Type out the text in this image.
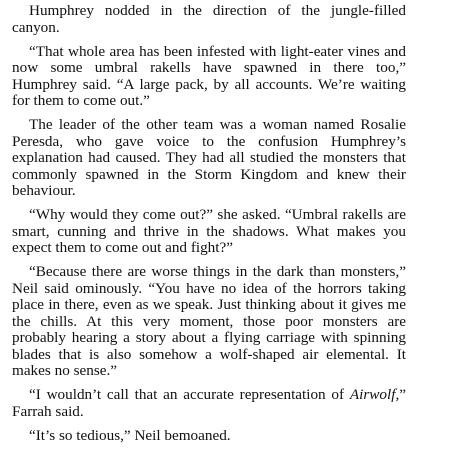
Humphrey nodded in the direction of the jungle-filled canyon.

“That whole area has been infested with light-eater vines and now some umbral rakells have spawned in there too,” Humphrey said. “A large pack, by all accounts. We’re waiting for them to come out.”

The leader of the other team was a woman named Rosalie Peresda, who gave voice to the confusion Humphrey’s explanation had caused. They had all studied the monsters that commonly spawned in the Storm Kingdom and knew their behaviour.

“Why would they come out?” she asked. “Umbral rakells are smart, cunning and thrive in the shadows. What makes you expect them to come out and fight?”

“Because there are worse things in the dark than monsters,” Neil said ominously. “You have no idea of the horrors taking place in there, even as we speak. Just thinking about it gives me the chills. At this very moment, those poor monsters are probably hearing a story about a flying carriage with spinning blades that is also somehow a wolf-shaped air elemental. It makes no sense.”

“I wouldn’t call that an accurate representation of Airwolf,” Farrah said.

“It’s so tedious,” Neil bemoaned.
